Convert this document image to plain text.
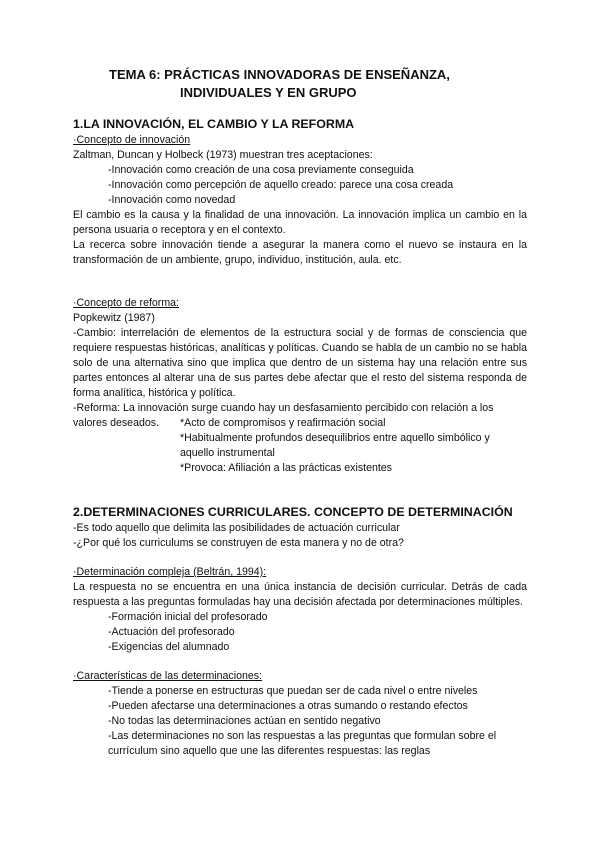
TEMA 6: PRÁCTICAS INNOVADORAS DE ENSEÑANZA,
INDIVIDUALES Y EN GRUPO
1.LA INNOVACIÓN, EL CAMBIO Y LA REFORMA
·Concepto de innovación
Zaltman, Duncan y Holbeck (1973) muestran tres aceptaciones:
-Innovación como creación de una cosa previamente conseguida
-Innovación como percepción de aquello creado: parece una cosa creada
-Innovación como novedad
El cambio es la causa y la finalidad de una innovación. La innovación implica un cambio en la persona usuaria o receptora y en el contexto.
La recerca sobre innovación tiende a asegurar la manera como el nuevo se instaura en la transformación de un ambiente, grupo, individuo, institución, aula. etc.
·Concepto de reforma:
Popkewitz (1987)
-Cambio: interrelación de elementos de la estructura social y de formas de consciencia que requiere respuestas históricas, analíticas y políticas. Cuando se habla de un cambio no se habla solo de una alternativa sino que implica que dentro de un sistema hay una relación entre sus partes entonces al alterar una de sus partes debe afectar que el resto del sistema responda de forma analítica, histórica y política.
-Reforma: La innovación surge cuando hay un desfasamiento percibido con relación a los
valores deseados.	*Acto de compromisos y reafirmación social
*Habitualmente profundos desequilibrios entre aquello simbólico y
aquello instrumental
*Provoca: Afiliación a las prácticas existentes
2.DETERMINACIONES CURRICULARES. CONCEPTO DE DETERMINACIÓN
-Es todo aquello que delimita las posibilidades de actuación curricular
-¿Por qué los curriculums se construyen de esta manera y no de otra?
·Determinación compleja (Beltrán, 1994):
La respuesta no se encuentra en una única instancia de decisión curricular. Detrás de cada respuesta a las preguntas formuladas hay una decisión afectada por determinaciones múltiples.
-Formación inicial del profesorado
-Actuación del profesorado
-Exigencias del alumnado
·Características de las determinaciones:
-Tiende a ponerse en estructuras que puedan ser de cada nivel o entre niveles
-Pueden afectarse una determinaciones a otras sumando o restando efectos
-No todas las determinaciones actúan en sentido negativo
-Las determinaciones no son las respuestas a las preguntas que formulan sobre el
currículum sino aquello que une las diferentes respuestas: las reglas
